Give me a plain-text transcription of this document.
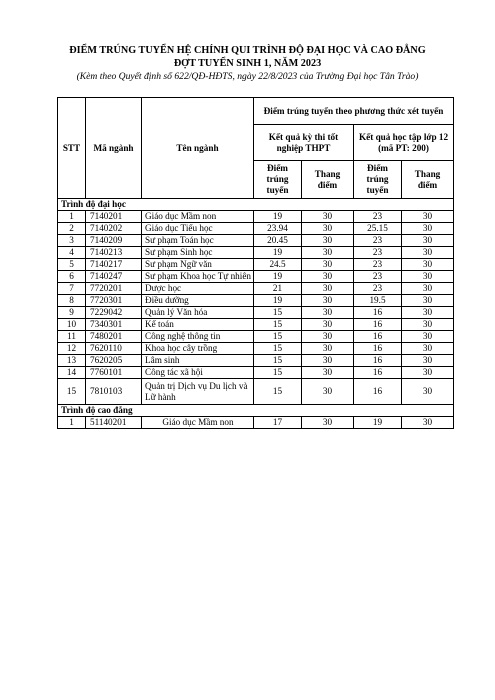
ĐIỂM TRÚNG TUYỂN HỆ CHÍNH QUI TRÌNH ĐỘ ĐẠI HỌC VÀ CAO ĐẲNG
ĐỢT TUYỂN SINH 1, NĂM 2023
(Kèm theo Quyết định số 622/QĐ-HĐTS, ngày 22/8/2023 của Trường Đại học Tân Trào)
STT	Mã ngành	Tên ngành	Điểm trúng tuyển theo phương thức xét tuyển			
			Kết quả kỳ thi tốt nghiệp THPT		Kết quả học tập lớp 12 (mã PT: 200)	
			Điểm trúng tuyển	Thang điểm	Điểm trúng tuyển	Thang điểm
Trình độ đại học						
1	7140201	Giáo dục Mầm non	19	30	23	30
2	7140202	Giáo dục Tiểu học	23.94	30	25.15	30
3	7140209	Sư phạm Toán học	20.45	30	23	30
4	7140213	Sư phạm Sinh học	19	30	23	30
5	7140217	Sư phạm Ngữ văn	24.5	30	23	30
6	7140247	Sư phạm Khoa học Tự nhiên	19	30	23	30
7	7720201	Dược học	21	30	23	30
8	7720301	Điều dưỡng	19	30	19.5	30
9	7229042	Quản lý Văn hóa	15	30	16	30
10	7340301	Kế toán	15	30	16	30
11	7480201	Công nghệ thông tin	15	30	16	30
12	7620110	Khoa học cây trồng	15	30	16	30
13	7620205	Lâm sinh	15	30	16	30
14	7760101	Công tác xã hội	15	30	16	30
15	7810103	Quản trị Dịch vụ Du lịch và Lữ hành	15	30	16	30
Trình độ cao đẳng						
1	51140201	Giáo dục Mầm non	17	30	19	30
